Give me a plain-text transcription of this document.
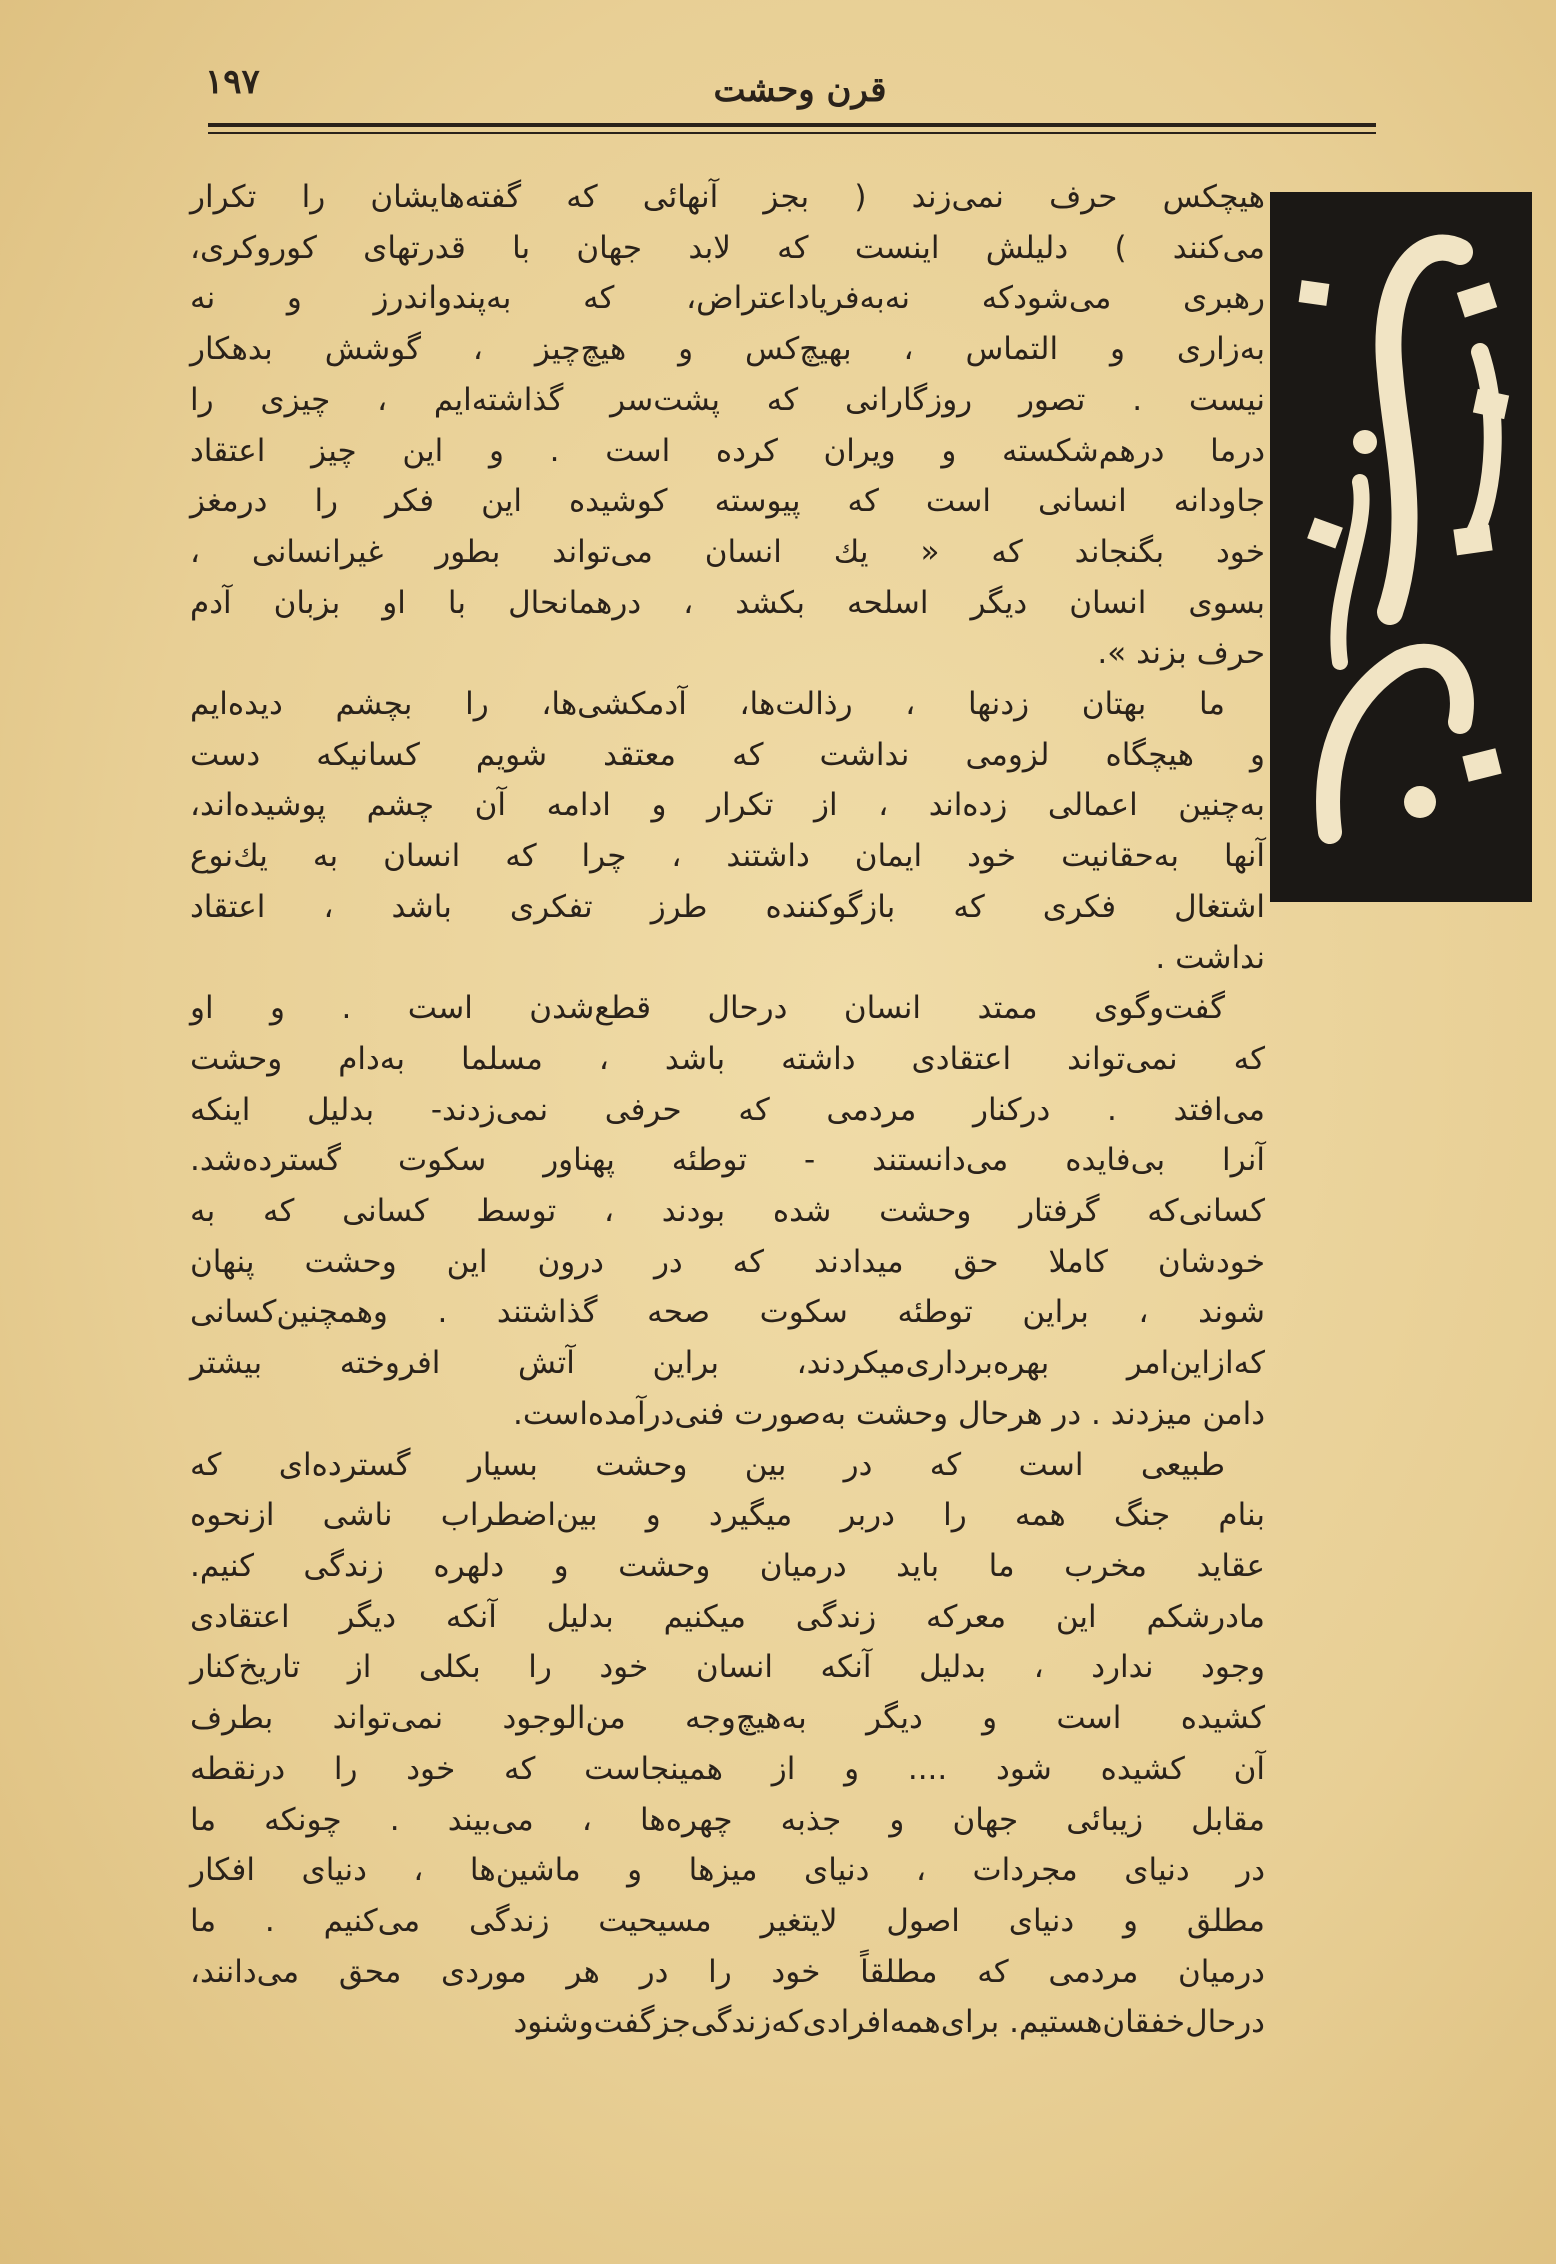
۱۹۷	قرن وحشت

هیچکس حرف نمی‌زند ( بجز آنهائی که گفته‌هایشان را تکرار
می‌کنند ) دلیلش اینست که لابد جهان با قدرتهای کوروکری،
رهبری می‌شودکه نه‌به‌فریاداعتراض، که به‌پندواندرز و نه
به‌زاری و التماس ، بهیچ‌کس و هیچ‌چیز ، گوشش بدهکار
نیست . تصور روزگارانی که پشت‌سر گذاشته‌ایم ، چیزی را
درما درهم‌شکسته و ویران کرده است . و این چیز اعتقاد
جاودانه انسانی است که پیوسته کوشیده این فکر را درمغز
خود بگنجاند که « یك انسان می‌تواند بطور غیرانسانی ،
بسوی انسان دیگر اسلحه بکشد ، درهمانحال با او بزبان آدم
حرف بزند ».

ما بهتان زدنها ، رذالت‌ها، آدمکشی‌ها، را بچشم دیده‌ایم
و هیچگاه لزومی نداشت که معتقد شویم کسانیکه دست
به‌چنین اعمالی زده‌اند ، از تکرار و ادامه آن چشم پوشیده‌اند،
آنها به‌حقانیت خود ایمان داشتند ، چرا که انسان به یك‌نوع
اشتغال فکری که بازگوکننده طرز تفکری باشد ، اعتقاد
نداشت .

گفت‌وگوی ممتد انسان درحال قطع‌شدن است . و او
که نمی‌تواند اعتقادی داشته باشد ، مسلما به‌دام وحشت
می‌افتد . درکنار مردمی که حرفی نمی‌زدند- بدلیل اینکه
آنرا بی‌فایده می‌دانستند - توطئه پهناور سکوت گسترده‌شد.
کسانی‌که گرفتار وحشت شده بودند ، توسط کسانی که به
خودشان کاملا حق میدادند که در درون این وحشت پنهان
شوند ، براین توطئه سکوت صحه گذاشتند . وهمچنین‌کسانی
که‌ازاین‌امر بهره‌برداری‌میکردند، براین آتش افروخته بیشتر
دامن میزدند . در هرحال وحشت به‌صورت فنی‌درآمده‌است.

طبیعی است که در بین وحشت بسیار گسترده‌ای که
بنام جنگ همه را دربر میگیرد و بین‌اضطراب ناشی ازنحوه
عقاید مخرب ما باید درمیان وحشت و دلهره زندگی کنیم.
مادرشکم این معرکه زندگی میکنیم بدلیل آنکه دیگر اعتقادی
وجود ندارد ، بدلیل آنکه انسان خود را بکلی از تاریخ‌کنار
کشیده است و دیگر به‌هیچ‌وجه من‌الوجود نمی‌تواند بطرف
آن کشیده شود .... و از همینجاست که خود را درنقطه
مقابل زیبائی جهان و جذبه چهره‌ها ، می‌بیند . چونکه ما
در دنیای مجردات ، دنیای میزها و ماشین‌ها ، دنیای افکار
مطلق و دنیای اصول لایتغیر مسیحیت زندگی می‌کنیم . ما
درمیان مردمی که مطلقاً خود را در هر موردی محق می‌دانند،
درحال‌خفقان‌هستیم. برای‌همه‌افرادی‌که‌زندگی‌جز‌گفت‌وشنود
